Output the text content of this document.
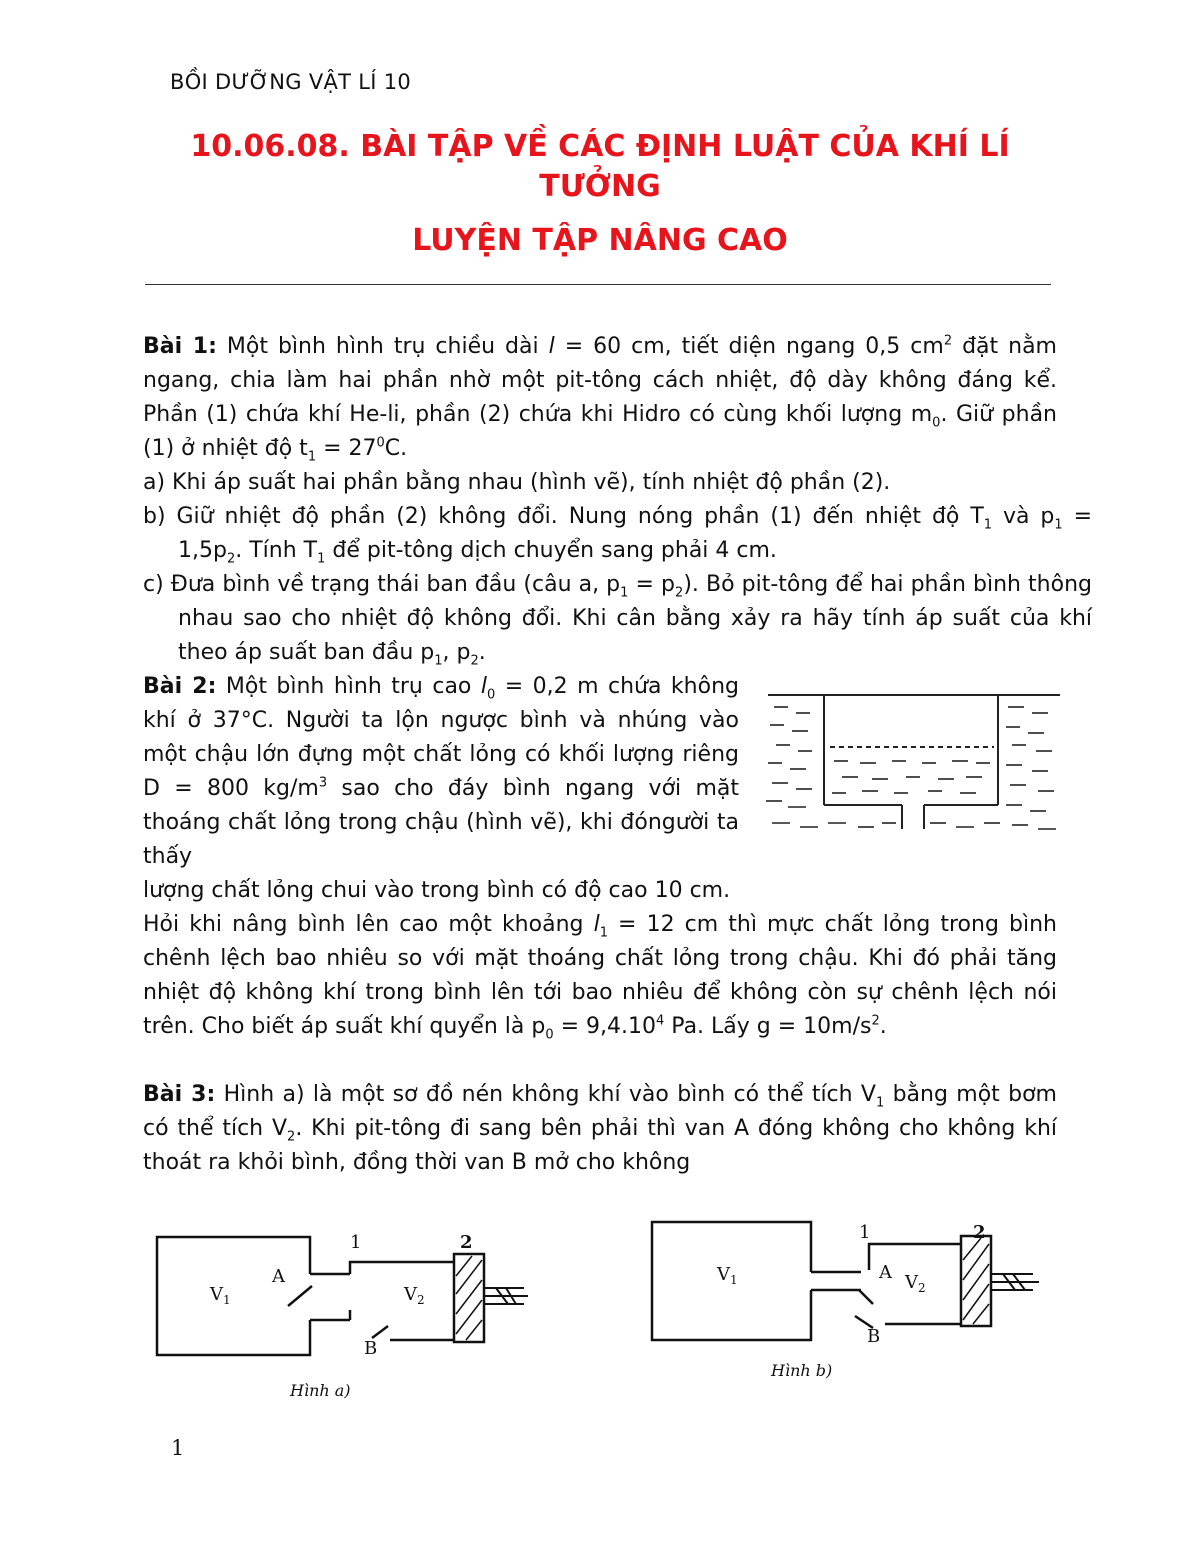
BỒI DƯỠNG VẬT LÍ 10
10.06.08. BÀI TẬP VỀ CÁC ĐỊNH LUẬT CỦA KHÍ LÍ
TƯỞNG
LUYỆN TẬP NÂNG CAO
Bài 1: Một bình hình trụ chiều dài l = 60 cm, tiết diện ngang 0,5 $cm^2$ đặt nằm ngang, chia làm hai phần nhờ một pit-tông cách nhiệt, độ dày không đáng kể. Phần (1) chứa khí He-li, phần (2) chứa khi Hidro có cùng khối lượng $m_0$. Giữ phần (1) ở nhiệt độ $t_1 = 27^0C$.
a) Khi áp suất hai phần bằng nhau (hình vẽ), tính nhiệt độ phần (2).
b) Giữ nhiệt độ phần (2) không đổi. Nung nóng phần (1) đến nhiệt độ $T_1$ và $p_1 = 1,5p_2$. Tính $T_1$ để pit-tông dịch chuyển sang phải 4 cm.
c) Đưa bình về trạng thái ban đầu (câu a, $p_1 = p_2$). Bỏ pit-tông để hai phần bình thông nhau sao cho nhiệt độ không đổi. Khi cân bằng xảy ra hãy tính áp suất của khí theo áp suất ban đầu $p_1$, $p_2$.
Bài 2: Một bình hình trụ cao $l_0 = 0,2$ m chứa không khí ở 37°C. Người ta lộn ngược bình và nhúng vào một chậu lớn đựng một chất lỏng có khối lượng riêng D = 800 $kg/m^3$ sao cho đáy bình ngang với mặt thoáng chất lỏng trong chậu (hình vẽ), khi đóngười ta thấy
lượng chất lỏng chui vào trong bình có độ cao 10 cm.
Hỏi khi nâng bình lên cao một khoảng $l_1 = 12$ cm thì mực chất lỏng trong bình chênh lệch bao nhiêu so với mặt thoáng chất lỏng trong chậu. Khi đó phải tăng nhiệt độ không khí trong bình lên tới bao nhiêu để không còn sự chênh lệch nói trên. Cho biết áp suất khí quyển là $p_0 = 9,4.10^4$ Pa. Lấy $g = 10m/s^2$.
Bài 3: Hình a) là một sơ đồ nén không khí vào bình có thể tích $V_1$ bằng một bơm có thể tích $V_2$. Khi pit-tông đi sang bên phải thì van A đóng không cho không khí thoát ra khỏi bình, đồng thời van B mở cho không
$V_1$
A
1
$V_2$
2
B
Hình a)
$V_1$	A
1
$V_2$
2
B
Hình b)
1
